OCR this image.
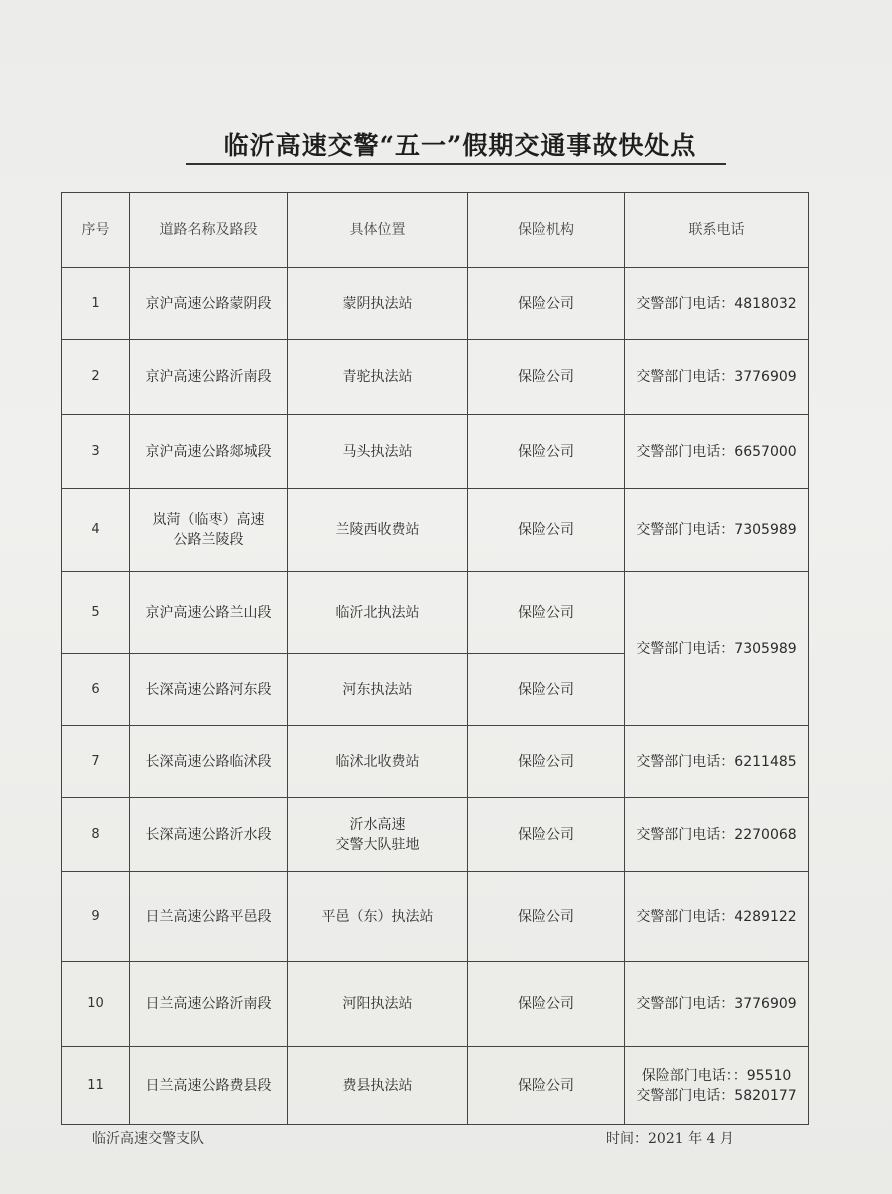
临沂高速交警“五一”假期交通事故快处点
序号	道路名称及路段	具体位置	保险机构	联系电话
1	京沪高速公路蒙阴段	蒙阴执法站	保险公司	交警部门电话：4818032
2	京沪高速公路沂南段	青驼执法站	保险公司	交警部门电话：3776909
3	京沪高速公路郯城段	马头执法站	保险公司	交警部门电话：6657000
4	岚菏（临枣）高速
公路兰陵段	兰陵西收费站	保险公司	交警部门电话：7305989
5	京沪高速公路兰山段	临沂北执法站	保险公司	交警部门电话：7305989
6	长深高速公路河东段	河东执法站	保险公司	
7	长深高速公路临沭段	临沭北收费站	保险公司	交警部门电话：6211485
8	长深高速公路沂水段	沂水高速
交警大队驻地	保险公司	交警部门电话：2270068
9	日兰高速公路平邑段	平邑（东）执法站	保险公司	交警部门电话：4289122
10	日兰高速公路沂南段	河阳执法站	保险公司	交警部门电话：3776909
11	日兰高速公路费县段	费县执法站	保险公司	保险部门电话：：95510
交警部门电话：5820177
临沂高速交警支队	时间：2021 年 4 月
